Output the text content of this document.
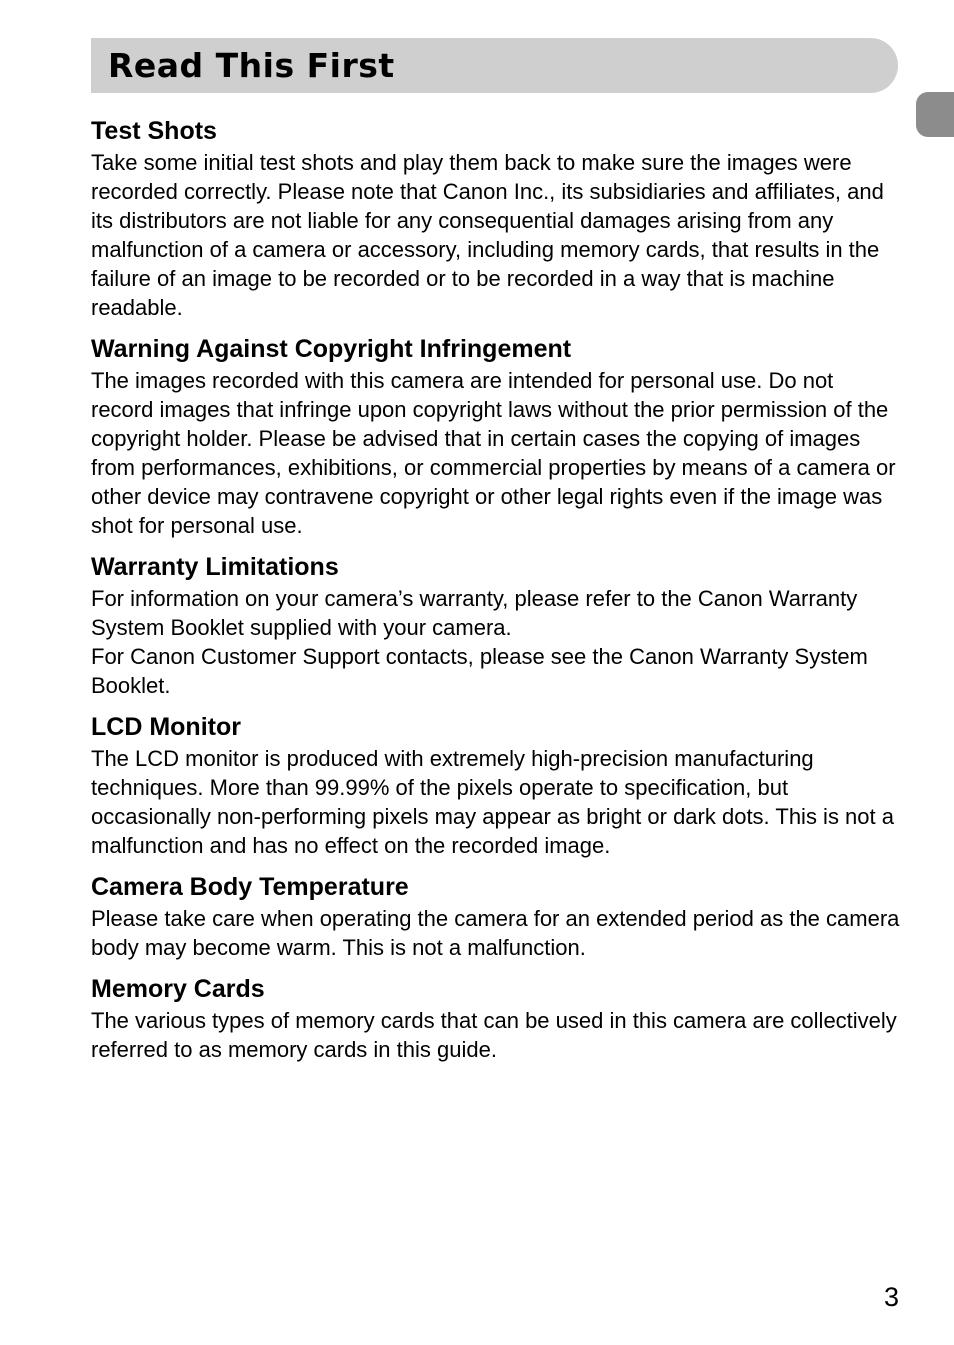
Read This First
Test Shots

Take some initial test shots and play them back to make sure the images were recorded correctly. Please note that Canon Inc., its subsidiaries and affiliates, and its distributors are not liable for any consequential damages arising from any malfunction of a camera or accessory, including memory cards, that results in the failure of an image to be recorded or to be recorded in a way that is machine readable.

Warning Against Copyright Infringement

The images recorded with this camera are intended for personal use. Do not record images that infringe upon copyright laws without the prior permission of the copyright holder. Please be advised that in certain cases the copying of images from performances, exhibitions, or commercial properties by means of a camera or other device may contravene copyright or other legal rights even if the image was shot for personal use.

Warranty Limitations

For information on your camera’s warranty, please refer to the Canon Warranty System Booklet supplied with your camera.

For Canon Customer Support contacts, please see the Canon Warranty System Booklet.

LCD Monitor

The LCD monitor is produced with extremely high-precision manufacturing techniques. More than 99.99% of the pixels operate to specification, but occasionally non-performing pixels may appear as bright or dark dots. This is not a malfunction and has no effect on the recorded image.

Camera Body Temperature

Please take care when operating the camera for an extended period as the camera body may become warm. This is not a malfunction.

Memory Cards

The various types of memory cards that can be used in this camera are collectively referred to as memory cards in this guide.

3
